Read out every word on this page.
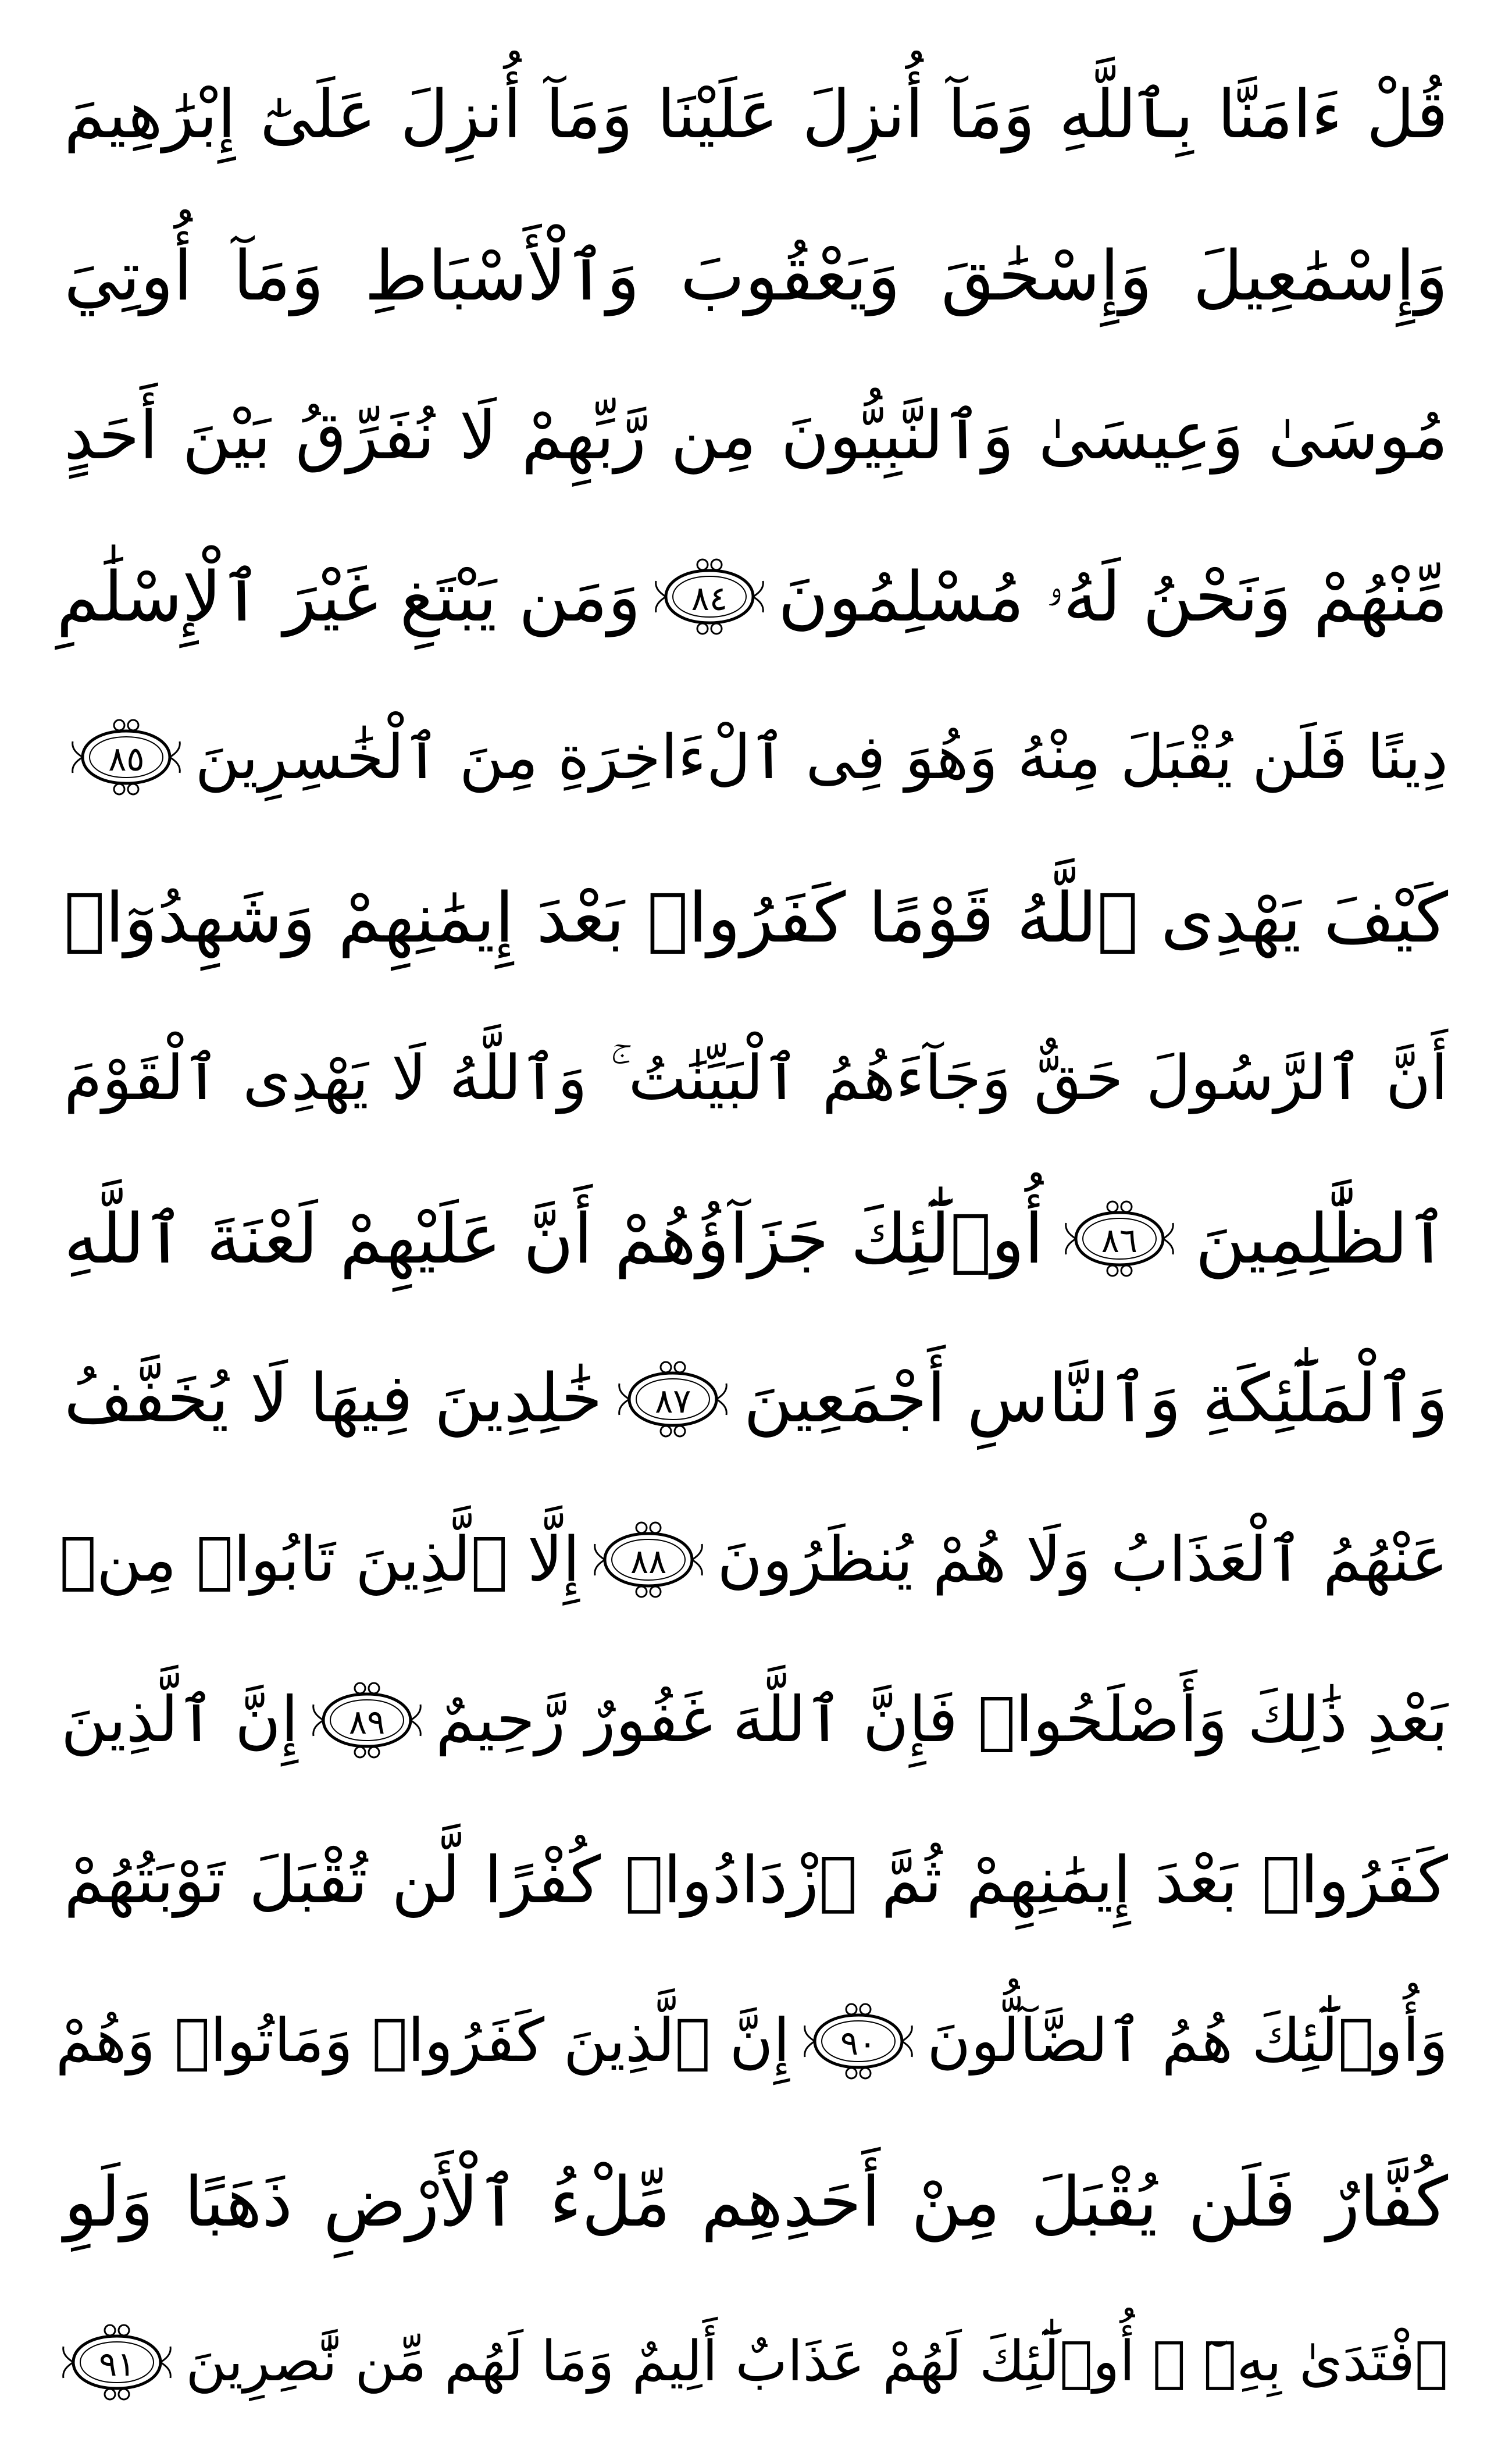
قُلْ ءَامَنَّا بِٱللَّهِ وَمَآ أُنزِلَ عَلَيْنَا وَمَآ أُنزِلَ عَلَىٰٓ إِبْرَٰهِيمَ
وَإِسْمَٰعِيلَ وَإِسْحَٰقَ وَيَعْقُوبَ وَٱلْأَسْبَاطِ وَمَآ أُوتِيَ
مُوسَىٰ وَعِيسَىٰ وَٱلنَّبِيُّونَ مِن رَّبِّهِمْ لَا نُفَرِّقُ بَيْنَ أَحَدٍ
مِّنْهُمْ وَنَحْنُ لَهُۥ مُسْلِمُونَ
٨٤
وَمَن يَبْتَغِ غَيْرَ ٱلْإِسْلَٰمِ
دِينًا فَلَن يُقْبَلَ مِنْهُ وَهُوَ فِى ٱلْءَاخِرَةِ مِنَ ٱلْخَٰسِرِينَ
٨٥
كَيْفَ يَهْدِى ٱللَّهُ قَوْمًا كَفَرُوا۟ بَعْدَ إِيمَٰنِهِمْ وَشَهِدُوٓا۟
أَنَّ ٱلرَّسُولَ حَقٌّ وَجَآءَهُمُ ٱلْبَيِّنَٰتُ ۚ وَٱللَّهُ لَا يَهْدِى ٱلْقَوْمَ
ٱلظَّٰلِمِينَ
٨٦
أُو۟لَٰٓئِكَ جَزَآؤُهُمْ أَنَّ عَلَيْهِمْ لَعْنَةَ ٱللَّهِ
وَٱلْمَلَٰٓئِكَةِ وَٱلنَّاسِ أَجْمَعِينَ
٨٧
خَٰلِدِينَ فِيهَا لَا يُخَفَّفُ
عَنْهُمُ ٱلْعَذَابُ وَلَا هُمْ يُنظَرُونَ
٨٨
إِلَّا ٱلَّذِينَ تَابُوا۟ مِنۢ
بَعْدِ ذَٰلِكَ وَأَصْلَحُوا۟ فَإِنَّ ٱللَّهَ غَفُورٌ رَّحِيمٌ
٨٩
إِنَّ ٱلَّذِينَ
كَفَرُوا۟ بَعْدَ إِيمَٰنِهِمْ ثُمَّ ٱزْدَادُوا۟ كُفْرًا لَّن تُقْبَلَ تَوْبَتُهُمْ
وَأُو۟لَٰٓئِكَ هُمُ ٱلضَّآلُّونَ
٩٠
إِنَّ ٱلَّذِينَ كَفَرُوا۟ وَمَاتُوا۟ وَهُمْ
كُفَّارٌ فَلَن يُقْبَلَ مِنْ أَحَدِهِم مِّلْءُ ٱلْأَرْضِ ذَهَبًا وَلَوِ
ٱفْتَدَىٰ بِهِۦٓ ۗ أُو۟لَٰٓئِكَ لَهُمْ عَذَابٌ أَلِيمٌ وَمَا لَهُم مِّن نَّٰصِرِينَ
٩١
